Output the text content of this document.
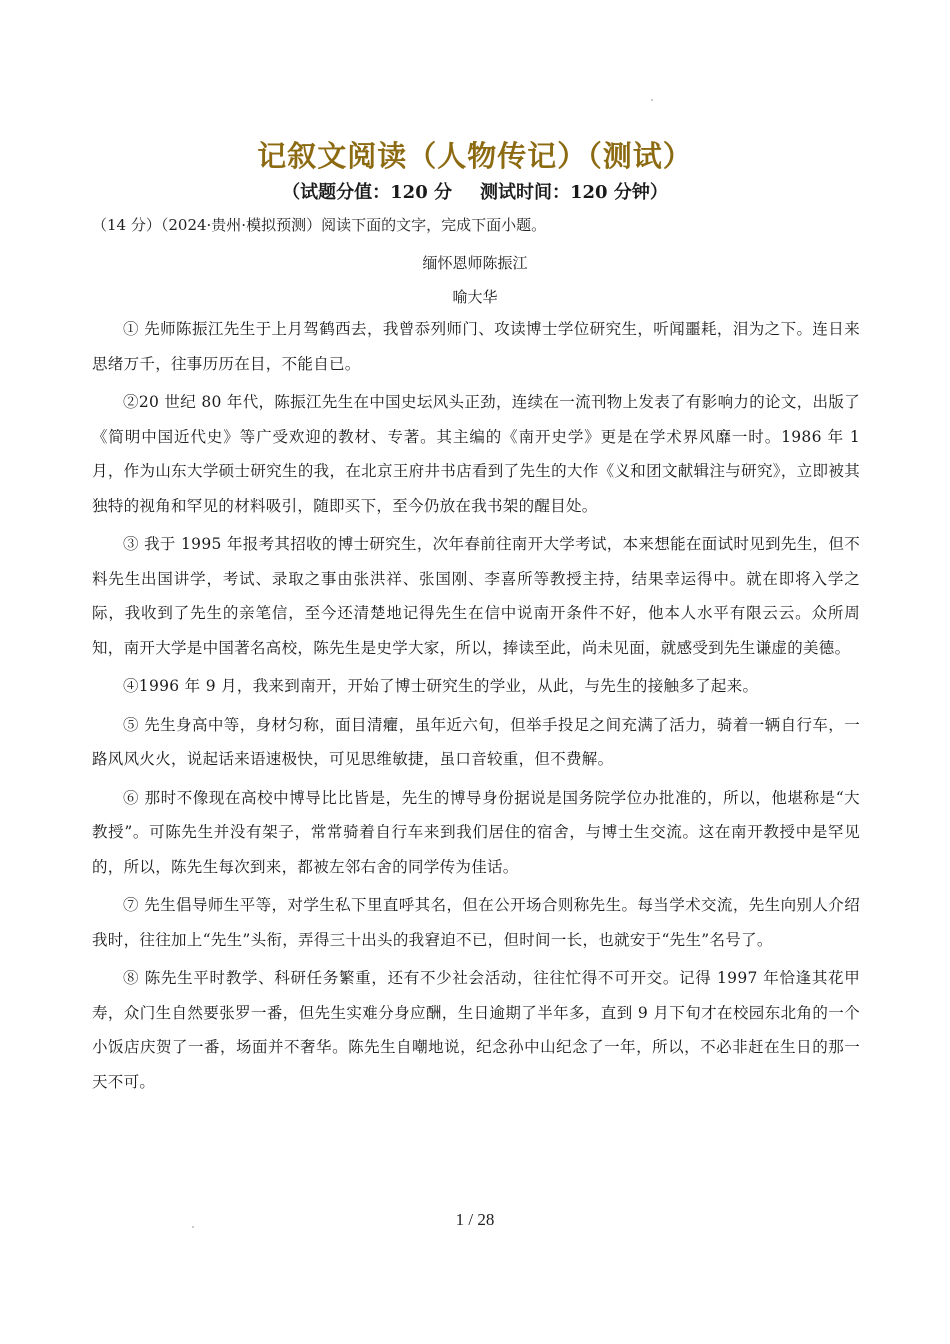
记叙文阅读（人物传记）（测试）
（试题分值：120 分 测试时间：120 分钟）
（14 分）（2024·贵州·模拟预测）阅读下面的文字，完成下面小题。
缅怀恩师陈振江
喻大华

① 先师陈振江先生于上月驾鹤西去，我曾忝列师门、攻读博士学位研究生，听闻噩耗，泪为之下。连日来思绪万千，往事历历在目，不能自已。

②20 世纪 80 年代，陈振江先生在中国史坛风头正劲，连续在一流刊物上发表了有影响力的论文，出版了《简明中国近代史》等广受欢迎的教材、专著。其主编的《南开史学》更是在学术界风靡一时。1986 年 1 月，作为山东大学硕士研究生的我，在北京王府井书店看到了先生的大作《义和团文献辑注与研究》，立即被其独特的视角和罕见的材料吸引，随即买下，至今仍放在我书架的醒目处。

③ 我于 1995 年报考其招收的博士研究生，次年春前往南开大学考试，本来想能在面试时见到先生，但不料先生出国讲学，考试、录取之事由张洪祥、张国刚、李喜所等教授主持，结果幸运得中。就在即将入学之际，我收到了先生的亲笔信，至今还清楚地记得先生在信中说南开条件不好，他本人水平有限云云。众所周知，南开大学是中国著名高校，陈先生是史学大家，所以，捧读至此，尚未见面，就感受到先生谦虚的美德。

④1996 年 9 月，我来到南开，开始了博士研究生的学业，从此，与先生的接触多了起来。

⑤ 先生身高中等，身材匀称，面目清癯，虽年近六旬，但举手投足之间充满了活力，骑着一辆自行车，一路风风火火，说起话来语速极快，可见思维敏捷，虽口音较重，但不费解。

⑥ 那时不像现在高校中博导比比皆是，先生的博导身份据说是国务院学位办批准的，所以，他堪称是“大教授”。可陈先生并没有架子，常常骑着自行车来到我们居住的宿舍，与博士生交流。这在南开教授中是罕见的，所以，陈先生每次到来，都被左邻右舍的同学传为佳话。

⑦ 先生倡导师生平等，对学生私下里直呼其名，但在公开场合则称先生。每当学术交流，先生向别人介绍我时，往往加上“先生”头衔，弄得三十出头的我窘迫不已，但时间一长，也就安于“先生”名号了。

⑧ 陈先生平时教学、科研任务繁重，还有不少社会活动，往往忙得不可开交。记得 1997 年恰逢其花甲寿，众门生自然要张罗一番，但先生实难分身应酬，生日逾期了半年多，直到 9 月下旬才在校园东北角的一个小饭店庆贺了一番，场面并不奢华。陈先生自嘲地说，纪念孙中山纪念了一年，所以，不必非赶在生日的那一天不可。

1 / 28
